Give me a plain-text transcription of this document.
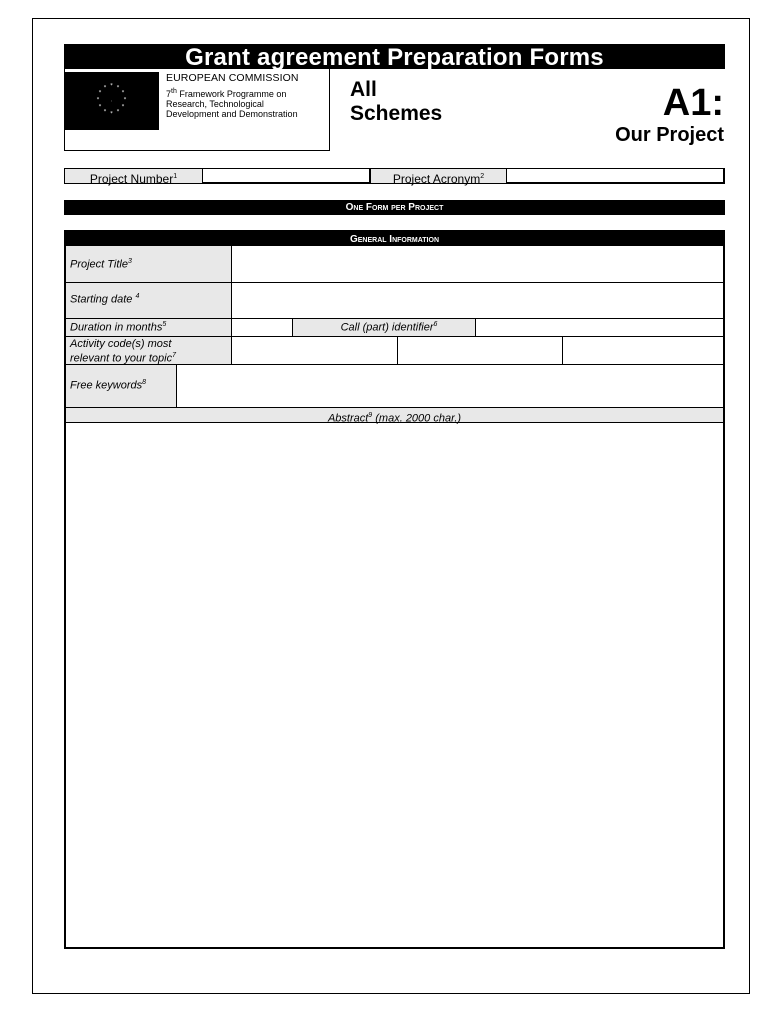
Grant agreement Preparation Forms
* *
*
*
*
*
*
*
*
*
*
*
EUROPEAN COMMISSION
7th Framework Programme on
Research, Technological
Development and Demonstration
All
Schemes	A1:
Our Project
Project Number$^1$	Project Acronym$^2$
One Form per Project
General Information
Project Title$^3$
Starting date $^4$
Duration in months$^5$	Call (part) identifier$^6$
Activity code(s) most
relevant to your topic$^7$
Free keywords$^8$
Abstract$^9$ (max. 2000 char.)
